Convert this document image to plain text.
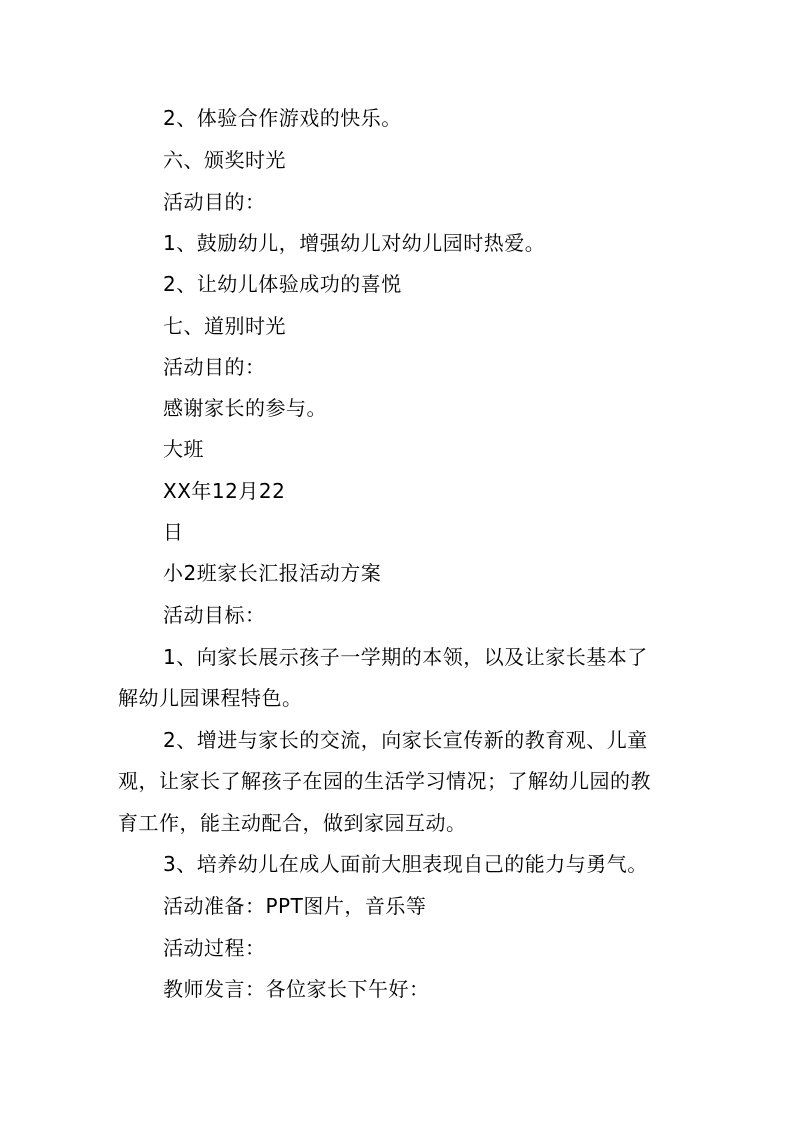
2、体验合作游戏的快乐。
六、颁奖时光
活动目的：
1、鼓励幼儿，增强幼儿对幼儿园时热爱。
2、让幼儿体验成功的喜悦
七、道别时光
活动目的：
感谢家长的参与。
大班
XX年12月22
日
小2班家长汇报活动方案
活动目标：
1、向家长展示孩子一学期的本领，以及让家长基本了
解幼儿园课程特色。
2、增进与家长的交流，向家长宣传新的教育观、儿童
观，让家长了解孩子在园的生活学习情况；了解幼儿园的教
育工作，能主动配合，做到家园互动。
3、培养幼儿在成人面前大胆表现自己的能力与勇气。
活动准备：PPT图片，音乐等
活动过程：
教师发言：各位家长下午好：
